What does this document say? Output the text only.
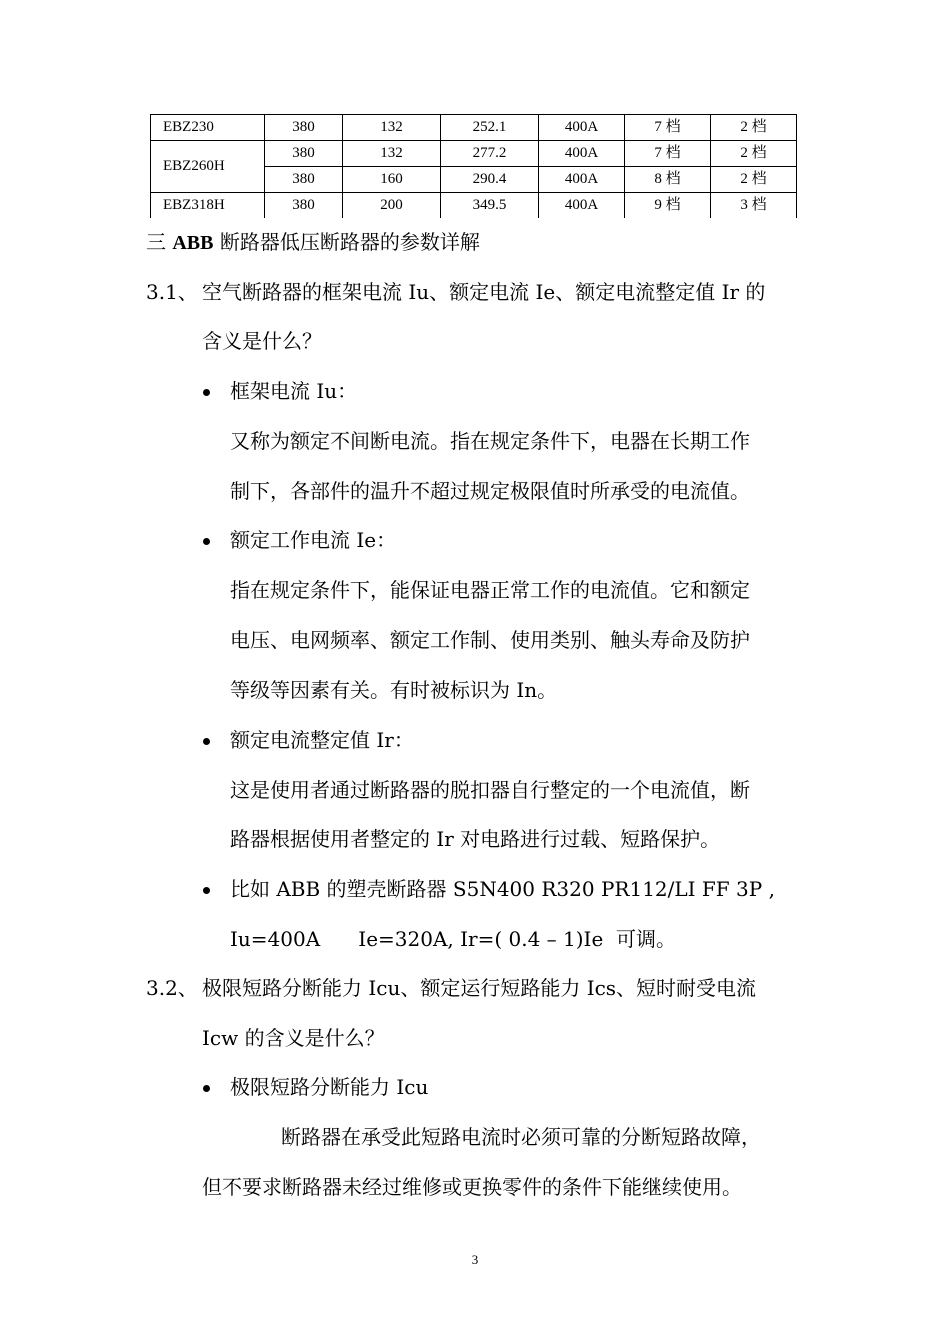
EBZ230	380	132	252.1	400A	7 档	2 档
EBZ260H	380	132	277.2	400A	7 档	2 档
	380	160	290.4	400A	8 档	2 档
EBZ318H	380	200	349.5	400A	9 档	3 档
三 ABB 断路器低压断路器的参数详解
3.1、 空气断路器的框架电流 Iu、额定电流 Ie、额定电流整定值 Ir 的
含义是什么？
框架电流 Iu：
又称为额定不间断电流。指在规定条件下，电器在长期工作
制下，各部件的温升不超过规定极限值时所承受的电流值。
额定工作电流 Ie：
指在规定条件下，能保证电器正常工作的电流值。它和额定
电压、电网频率、额定工作制、使用类别、触头寿命及防护
等级等因素有关。有时被标识为 In。
额定电流整定值 Ir：
这是使用者通过断路器的脱扣器自行整定的一个电流值，断
路器根据使用者整定的 Ir 对电路进行过载、短路保护。
比如 ABB 的塑壳断路器 S5N400 R320 PR112/LI FF 3P ,
Iu=400A      Ie=320A, Ir=( 0.4 – 1)Ie  可调。
3.2、 极限短路分断能力 Icu、额定运行短路能力 Ics、短时耐受电流
Icw 的含义是什么？
极限短路分断能力 Icu
断路器在承受此短路电流时必须可靠的分断短路故障，
但不要求断路器未经过维修或更换零件的条件下能继续使用。
3
